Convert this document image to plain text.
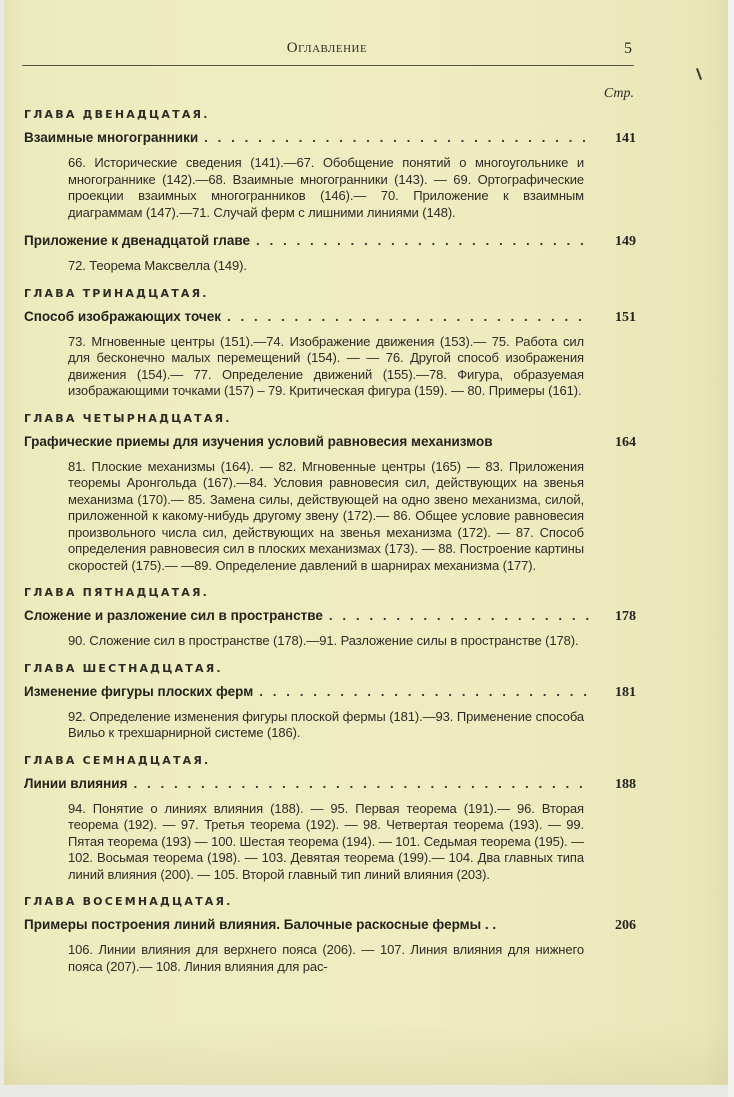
Оглавление	5
Стр.
ГЛАВА ДВЕНАДЦАТАЯ.
Взаимные многогранники . . .	141
66. Исторические сведения (141).—67. Обобщение понятий о многоугольнике и многограннике (142).—68. Взаимные многогранники (143). — 69. Ортографические проекции взаимных многогранников (146).— 70. Приложение к взаимным диаграммам (147).—71. Случай ферм с лишними линиями (148).
Приложение к двенадцатой главе . . .	149
72. Теорема Максвелла (149).
ГЛАВА ТРИНАДЦАТАЯ.
Способ изображающих точек . . .	151
73. Мгновенные центры (151).—74. Изображение движения (153).— 75. Работа сил для бесконечно малых перемещений (154). — — 76. Другой способ изображения движения (154).— 77. Определение движений (155).—78. Фигура, образуемая изображающими точками (157) – 79. Критическая фигура (159). — 80. Примеры (161).
ГЛАВА ЧЕТЫРНАДЦАТАЯ.
Графические приемы для изучения условий равновесия механизмов	164
81. Плоские механизмы (164). — 82. Мгновенные центры (165) — 83. Приложения теоремы Аронгольда (167).—84. Условия равновесия сил, действующих на звенья механизма (170).— 85. Замена силы, действующей на одно звено механизма, силой, приложенной к какому-нибудь другому звену (172).— 86. Общее условие равновесия произвольного числа сил, действующих на звенья механизма (172). — 87. Способ определения равновесия сил в плоских механизмах (173). — 88. Построение картины скоростей (175).— —89. Определение давлений в шарнирах механизма (177).
ГЛАВА ПЯТНАДЦАТАЯ.
Сложение и разложение сил в пространстве . . .	178
90. Сложение сил в пространстве (178).—91. Разложение силы в пространстве (178).
ГЛАВА ШЕСТНАДЦАТАЯ.
Изменение фигуры плоских ферм . . .	181
92. Определение изменения фигуры плоской фермы (181).—93. Применение способа Вильо к трехшарнирной системе (186).
ГЛАВА СЕМНАДЦАТАЯ.
Линии влияния . . .	188
94. Понятие о линиях влияния (188). — 95. Первая теорема (191).— 96. Вторая теорема (192). — 97. Третья теорема (192). — 98. Четвертая теорема (193). — 99. Пятая теорема (193) — 100. Шестая теорема (194). — 101. Седьмая теорема (195). — 102. Восьмая теорема (198). — 103. Девятая теорема (199).— 104. Два главных типа линий влияния (200). — 105. Второй главный тип линий влияния (203).
ГЛАВА ВОСЕМНАДЦАТАЯ.
Примеры построения линий влияния. Балочные раскосные фермы . .	206
106. Линии влияния для верхнего пояса (206). — 107. Линия влияния для нижнего пояса (207).— 108. Линия влияния для рас-
